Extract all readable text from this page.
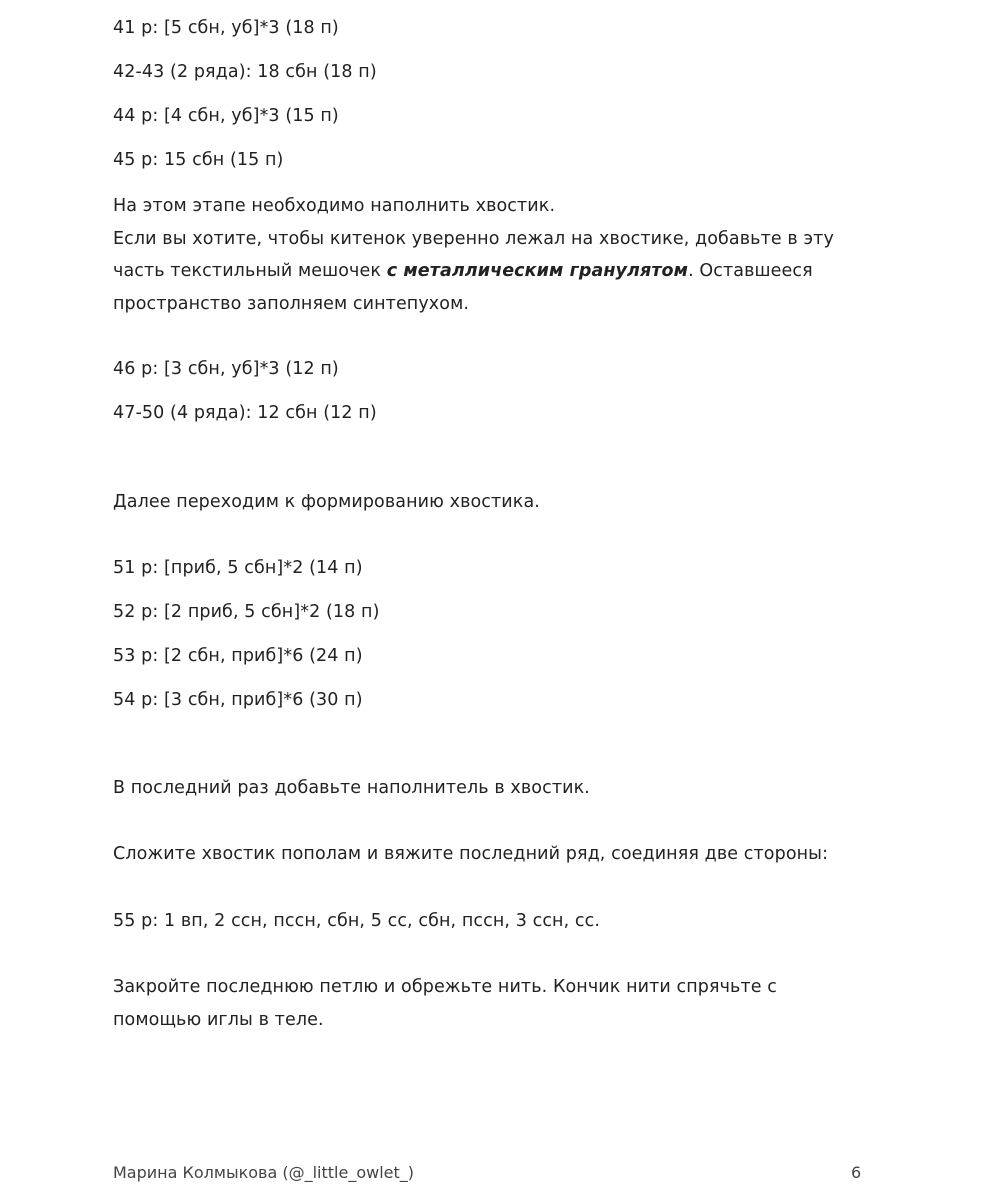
41 р: [5 сбн, уб]*3 (18 п)
42-43 (2 ряда): 18 сбн (18 п)
44 р: [4 сбн, уб]*3 (15 п)
45 р: 15 сбн (15 п)
На этом этапе необходимо наполнить хвостик.
Если вы хотите, чтобы китенок уверенно лежал на хвостике, добавьте в эту
часть текстильный мешочек с металлическим гранулятом. Оставшееся
пространство заполняем синтепухом.
46 р: [3 сбн, уб]*3 (12 п)
47-50 (4 ряда): 12 сбн (12 п)
Далее переходим к формированию хвостика.
51 р: [приб, 5 сбн]*2 (14 п)
52 р: [2 приб, 5 сбн]*2 (18 п)
53 р: [2 сбн, приб]*6 (24 п)
54 р: [3 сбн, приб]*6 (30 п)
В последний раз добавьте наполнитель в хвостик.
Сложите хвостик пополам и вяжите последний ряд, соединяя две стороны:
55 р: 1 вп, 2 ссн, пссн, сбн, 5 сс, сбн, пссн, 3 ссн, сс.
Закройте последнюю петлю и обрежьте нить. Кончик нити спрячьте с
помощью иглы в теле.
Марина Колмыкова (@_little_owlet_)	6
